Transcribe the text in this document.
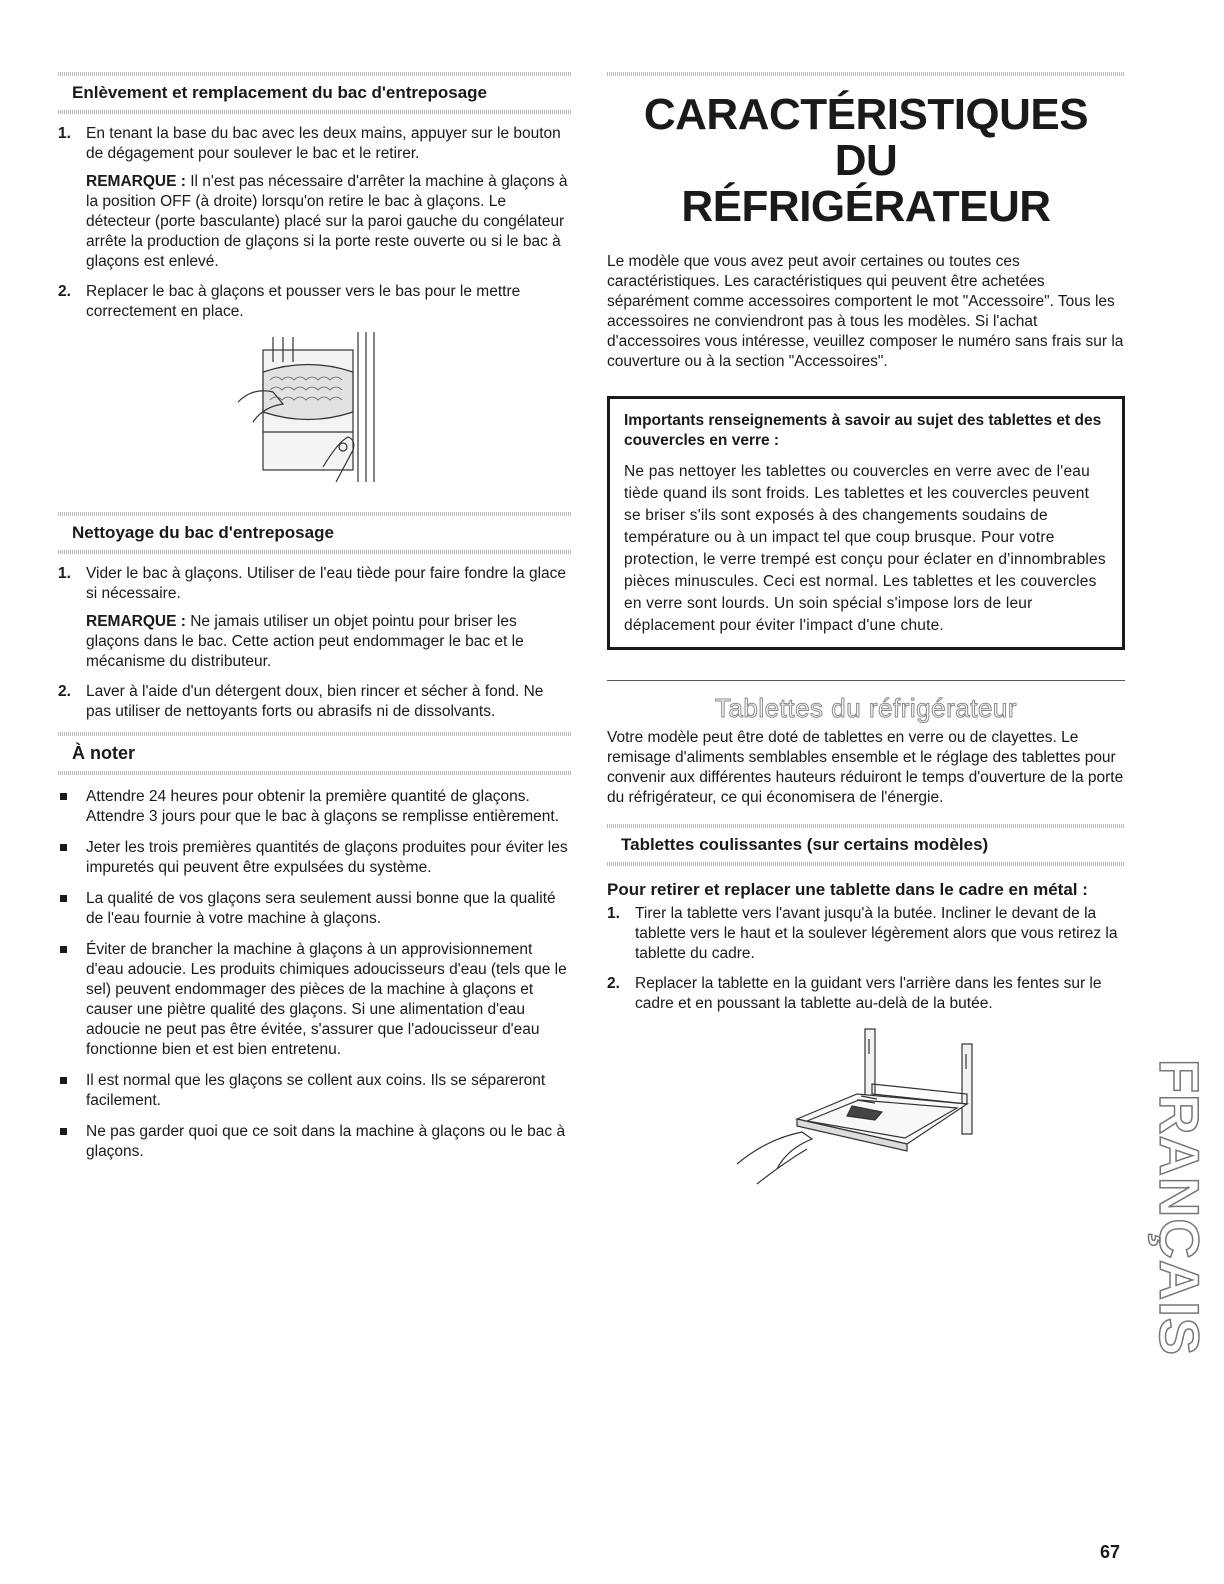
Enlèvement et remplacement du bac d'entreposage
1. En tenant la base du bac avec les deux mains, appuyer sur le bouton de dégagement pour soulever le bac et le retirer.
REMARQUE : Il n'est pas nécessaire d'arrêter la machine à glaçons à la position OFF (à droite) lorsqu'on retire le bac à glaçons. Le détecteur (porte basculante) placé sur la paroi gauche du congélateur arrête la production de glaçons si la porte reste ouverte ou si le bac à glaçons est enlevé.
2. Replacer le bac à glaçons et pousser vers le bas pour le mettre correctement en place.
Nettoyage du bac d'entreposage
1. Vider le bac à glaçons. Utiliser de l'eau tiède pour faire fondre la glace si nécessaire.
REMARQUE : Ne jamais utiliser un objet pointu pour briser les glaçons dans le bac. Cette action peut endommager le bac et le mécanisme du distributeur.
2. Laver à l'aide d'un détergent doux, bien rincer et sécher à fond. Ne pas utiliser de nettoyants forts ou abrasifs ni de dissolvants.
À noter
Attendre 24 heures pour obtenir la première quantité de glaçons. Attendre 3 jours pour que le bac à glaçons se remplisse entièrement.
Jeter les trois premières quantités de glaçons produites pour éviter les impuretés qui peuvent être expulsées du système.
La qualité de vos glaçons sera seulement aussi bonne que la qualité de l'eau fournie à votre machine à glaçons.
Éviter de brancher la machine à glaçons à un approvisionnement d'eau adoucie. Les produits chimiques adoucisseurs d'eau (tels que le sel) peuvent endommager des pièces de la machine à glaçons et causer une piètre qualité des glaçons. Si une alimentation d'eau adoucie ne peut pas être évitée, s'assurer que l'adoucisseur d'eau fonctionne bien et est bien entretenu.
Il est normal que les glaçons se collent aux coins. Ils se sépareront facilement.
Ne pas garder quoi que ce soit dans la machine à glaçons ou le bac à glaçons.
CARACTÉRISTIQUES DU
RÉFRIGÉRATEUR
Le modèle que vous avez peut avoir certaines ou toutes ces caractéristiques. Les caractéristiques qui peuvent être achetées séparément comme accessoires comportent le mot "Accessoire". Tous les accessoires ne conviendront pas à tous les modèles. Si l'achat d'accessoires vous intéresse, veuillez composer le numéro sans frais sur la couverture ou à la section "Accessoires".
Importants renseignements à savoir au sujet des tablettes et des couvercles en verre :
Ne pas nettoyer les tablettes ou couvercles en verre avec de l'eau tiède quand ils sont froids. Les tablettes et les couvercles peuvent se briser s'ils sont exposés à des changements soudains de température ou à un impact tel que coup brusque. Pour votre protection, le verre trempé est conçu pour éclater en d'innombrables pièces minuscules. Ceci est normal. Les tablettes et les couvercles en verre sont lourds. Un soin spécial s'impose lors de leur déplacement pour éviter l'impact d'une chute.
Tablettes du réfrigérateur
Votre modèle peut être doté de tablettes en verre ou de clayettes. Le remisage d'aliments semblables ensemble et le réglage des tablettes pour convenir aux différentes hauteurs réduiront le temps d'ouverture de la porte du réfrigérateur, ce qui économisera de l'énergie.
Tablettes coulissantes (sur certains modèles)
Pour retirer et replacer une tablette dans le cadre en métal :
1. Tirer la tablette vers l'avant jusqu'à la butée. Incliner le devant de la tablette vers le haut et la soulever légèrement alors que vous retirez la tablette du cadre.
2. Replacer la tablette en la guidant vers l'arrière dans les fentes sur le cadre et en poussant la tablette au-delà de la butée.
FRANÇAIS
67
